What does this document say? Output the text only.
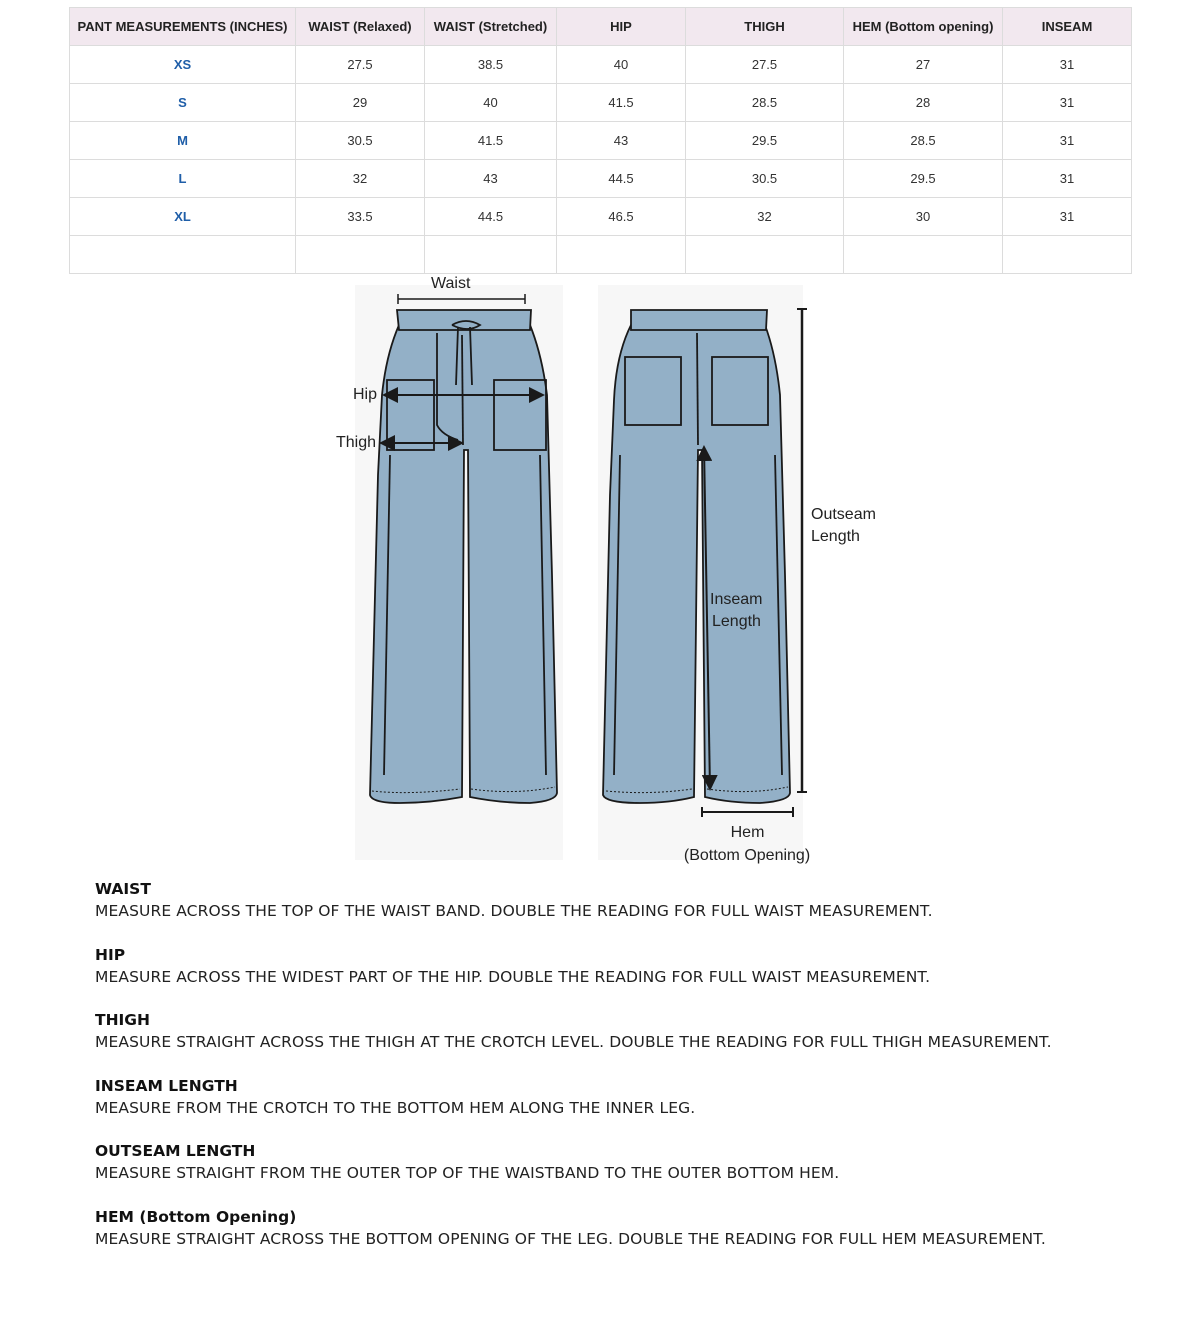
PANT MEASUREMENTS (INCHES)	WAIST (Relaxed)	WAIST (Stretched)	HIP	THIGH	HEM (Bottom opening)	INSEAM
XS	27.5	38.5	40	27.5	27	31
S	29	40	41.5	28.5	28	31
M	30.5	41.5	43	29.5	28.5	31
L	32	43	44.5	30.5	29.5	31
XL	33.5	44.5	46.5	32	30	31

Waist
Hip
Thigh
Outseam
Length
Inseam
Length
Hem
(Bottom Opening)
WAIST
MEASURE ACROSS THE TOP OF THE WAIST BAND. DOUBLE THE READING FOR FULL WAIST MEASUREMENT.
HIP
MEASURE ACROSS THE WIDEST PART OF THE HIP. DOUBLE THE READING FOR FULL WAIST MEASUREMENT.
THIGH
MEASURE STRAIGHT ACROSS THE THIGH AT THE CROTCH LEVEL. DOUBLE THE READING FOR FULL THIGH MEASUREMENT.
INSEAM LENGTH
MEASURE FROM THE CROTCH TO THE BOTTOM HEM ALONG THE INNER LEG.
OUTSEAM LENGTH
MEASURE STRAIGHT FROM THE OUTER TOP OF THE WAISTBAND TO THE OUTER BOTTOM HEM.
HEM (Bottom Opening)
MEASURE STRAIGHT ACROSS THE BOTTOM OPENING OF THE LEG. DOUBLE THE READING FOR FULL HEM MEASUREMENT.
